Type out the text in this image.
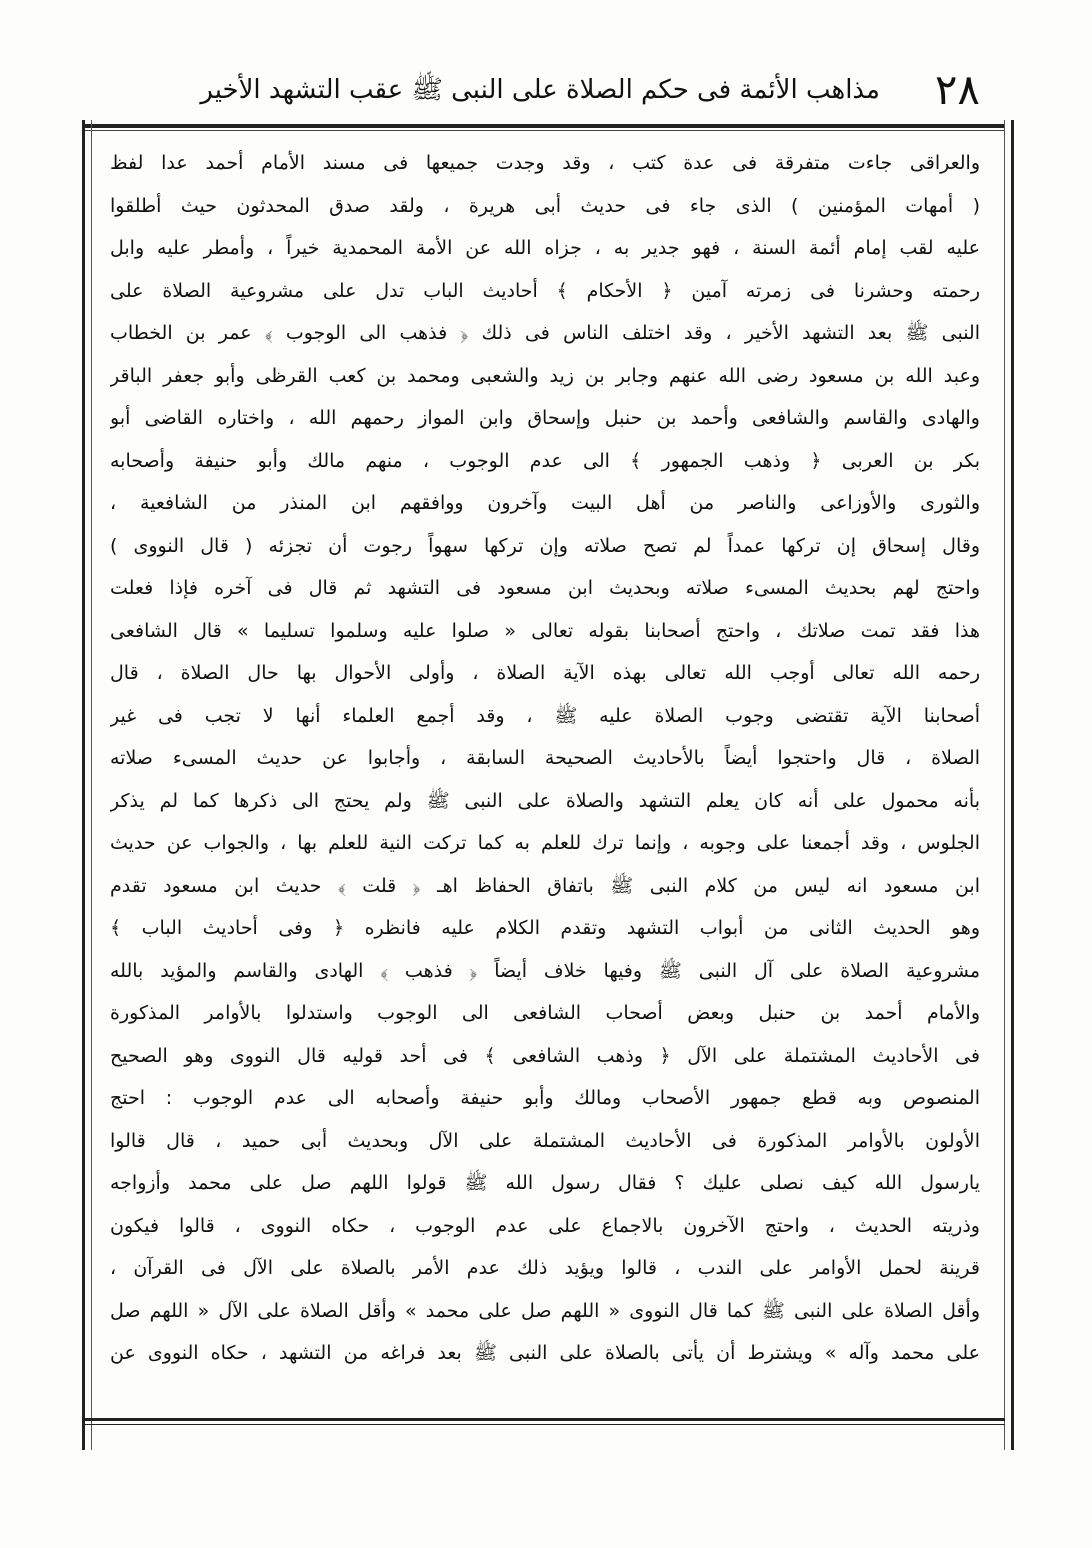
٢٨
مذاهب الأئمة فى حكم الصلاة على النبى ﷺ عقب التشهد الأخير
والعراقى جاءت متفرقة فى عدة كتب ، وقد وجدت جميعها فى مسند الأمام أحمد عدا لفظ
( أمهات المؤمنين ) الذى جاء فى حديث أبى هريرة ، ولقد صدق المحدثون حيث أطلقوا
عليه لقب إمام أئمة السنة ، فهو جدير به ، جزاه الله عن الأمة المحمدية خيراً ، وأمطر عليه وابل
رحمته وحشرنا فى زمرته آمين ﴿ الأحكام ﴾ أحاديث الباب تدل على مشروعية الصلاة على
النبى ﷺ بعد التشهد الأخير ، وقد اختلف الناس فى ذلك ﴿ فذهب الى الوجوب ﴾ عمر بن الخطاب
وعبد الله بن مسعود رضى الله عنهم وجابر بن زيد والشعبى ومحمد بن كعب القرظى وأبو جعفر الباقر
والهادى والقاسم والشافعى وأحمد بن حنبل وإسحاق وابن المواز رحمهم الله ، واختاره القاضى أبو
بكر بن العربى ﴿ وذهب الجمهور ﴾ الى عدم الوجوب ، منهم مالك وأبو حنيفة وأصحابه
والثورى والأوزاعى والناصر من أهل البيت وآخرون ووافقهم ابن المنذر من الشافعية ،
وقال إسحاق إن تركها عمداً لم تصح صلاته وإن تركها سهواً رجوت أن تجزئه ( قال النووى )
واحتج لهم بحديث المسىء صلاته وبحديث ابن مسعود فى التشهد ثم قال فى آخره فإذا فعلت
هذا فقد تمت صلاتك ، واحتج أصحابنا بقوله تعالى « صلوا عليه وسلموا تسليما » قال الشافعى
رحمه الله تعالى أوجب الله تعالى بهذه الآية الصلاة ، وأولى الأحوال بها حال الصلاة ، قال
أصحابنا الآية تقتضى وجوب الصلاة عليه ﷺ ، وقد أجمع العلماء أنها لا تجب فى غير
الصلاة ، قال واحتجوا أيضاً بالأحاديث الصحيحة السابقة ، وأجابوا عن حديث المسىء صلاته
بأنه محمول على أنه كان يعلم التشهد والصلاة على النبى ﷺ ولم يحتج الى ذكرها كما لم يذكر
الجلوس ، وقد أجمعنا على وجوبه ، وإنما ترك للعلم به كما تركت النية للعلم بها ، والجواب عن حديث
ابن مسعود انه ليس من كلام النبى ﷺ باتفاق الحفاظ اهـ ﴿ قلت ﴾ حديث ابن مسعود تقدم
وهو الحديث الثانى من أبواب التشهد وتقدم الكلام عليه فانظره ﴿ وفى أحاديث الباب ﴾
مشروعية الصلاة على آل النبى ﷺ وفيها خلاف أيضاً ﴿ فذهب ﴾ الهادى والقاسم والمؤيد بالله
والأمام أحمد بن حنبل وبعض أصحاب الشافعى الى الوجوب واستدلوا بالأوامر المذكورة
فى الأحاديث المشتملة على الآل ﴿ وذهب الشافعى ﴾ فى أحد قوليه قال النووى وهو الصحيح
المنصوص وبه قطع جمهور الأصحاب ومالك وأبو حنيفة وأصحابه الى عدم الوجوب : احتج
الأولون بالأوامر المذكورة فى الأحاديث المشتملة على الآل وبحديث أبى حميد ، قال قالوا
يارسول الله كيف نصلى عليك ؟ فقال رسول الله ﷺ قولوا اللهم صل على محمد وأزواجه
وذريته الحديث ، واحتج الآخرون بالاجماع على عدم الوجوب ، حكاه النووى ، قالوا فيكون
قرينة لحمل الأوامر على الندب ، قالوا ويؤيد ذلك عدم الأمر بالصلاة على الآل فى القرآن ،
وأقل الصلاة على النبى ﷺ كما قال النووى « اللهم صل على محمد » وأقل الصلاة على الآل « اللهم صل
على محمد وآله » ويشترط أن يأتى بالصلاة على النبى ﷺ بعد فراغه من التشهد ، حكاه النووى عن
